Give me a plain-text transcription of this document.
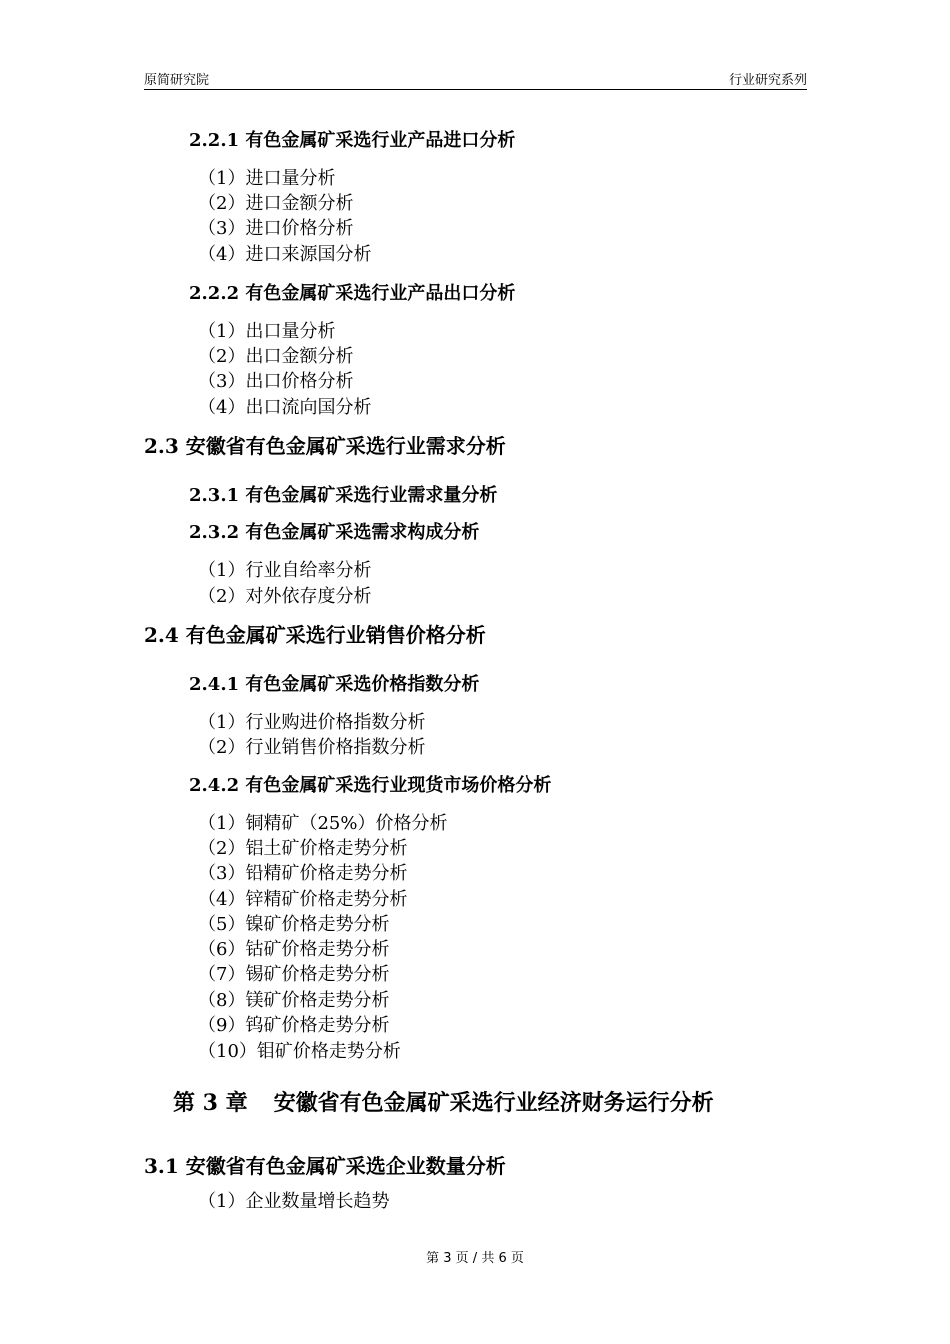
原简研究院	行业研究系列
2.2.1 有色金属矿采选行业产品进口分析
（1）进口量分析
（2）进口金额分析
（3）进口价格分析
（4）进口来源国分析
2.2.2 有色金属矿采选行业产品出口分析
（1）出口量分析
（2）出口金额分析
（3）出口价格分析
（4）出口流向国分析
2.3 安徽省有色金属矿采选行业需求分析
2.3.1 有色金属矿采选行业需求量分析
2.3.2 有色金属矿采选需求构成分析
（1）行业自给率分析
（2）对外依存度分析
2.4 有色金属矿采选行业销售价格分析
2.4.1 有色金属矿采选价格指数分析
（1）行业购进价格指数分析
（2）行业销售价格指数分析
2.4.2 有色金属矿采选行业现货市场价格分析
（1）铜精矿（25%）价格分析
（2）铝土矿价格走势分析
（3）铅精矿价格走势分析
（4）锌精矿价格走势分析
（5）镍矿价格走势分析
（6）钴矿价格走势分析
（7）锡矿价格走势分析
（8）镁矿价格走势分析
（9）钨矿价格走势分析
（10）钼矿价格走势分析
第 3 章 安徽省有色金属矿采选行业经济财务运行分析
3.1 安徽省有色金属矿采选企业数量分析
（1）企业数量增长趋势
第 3 页 / 共 6 页
